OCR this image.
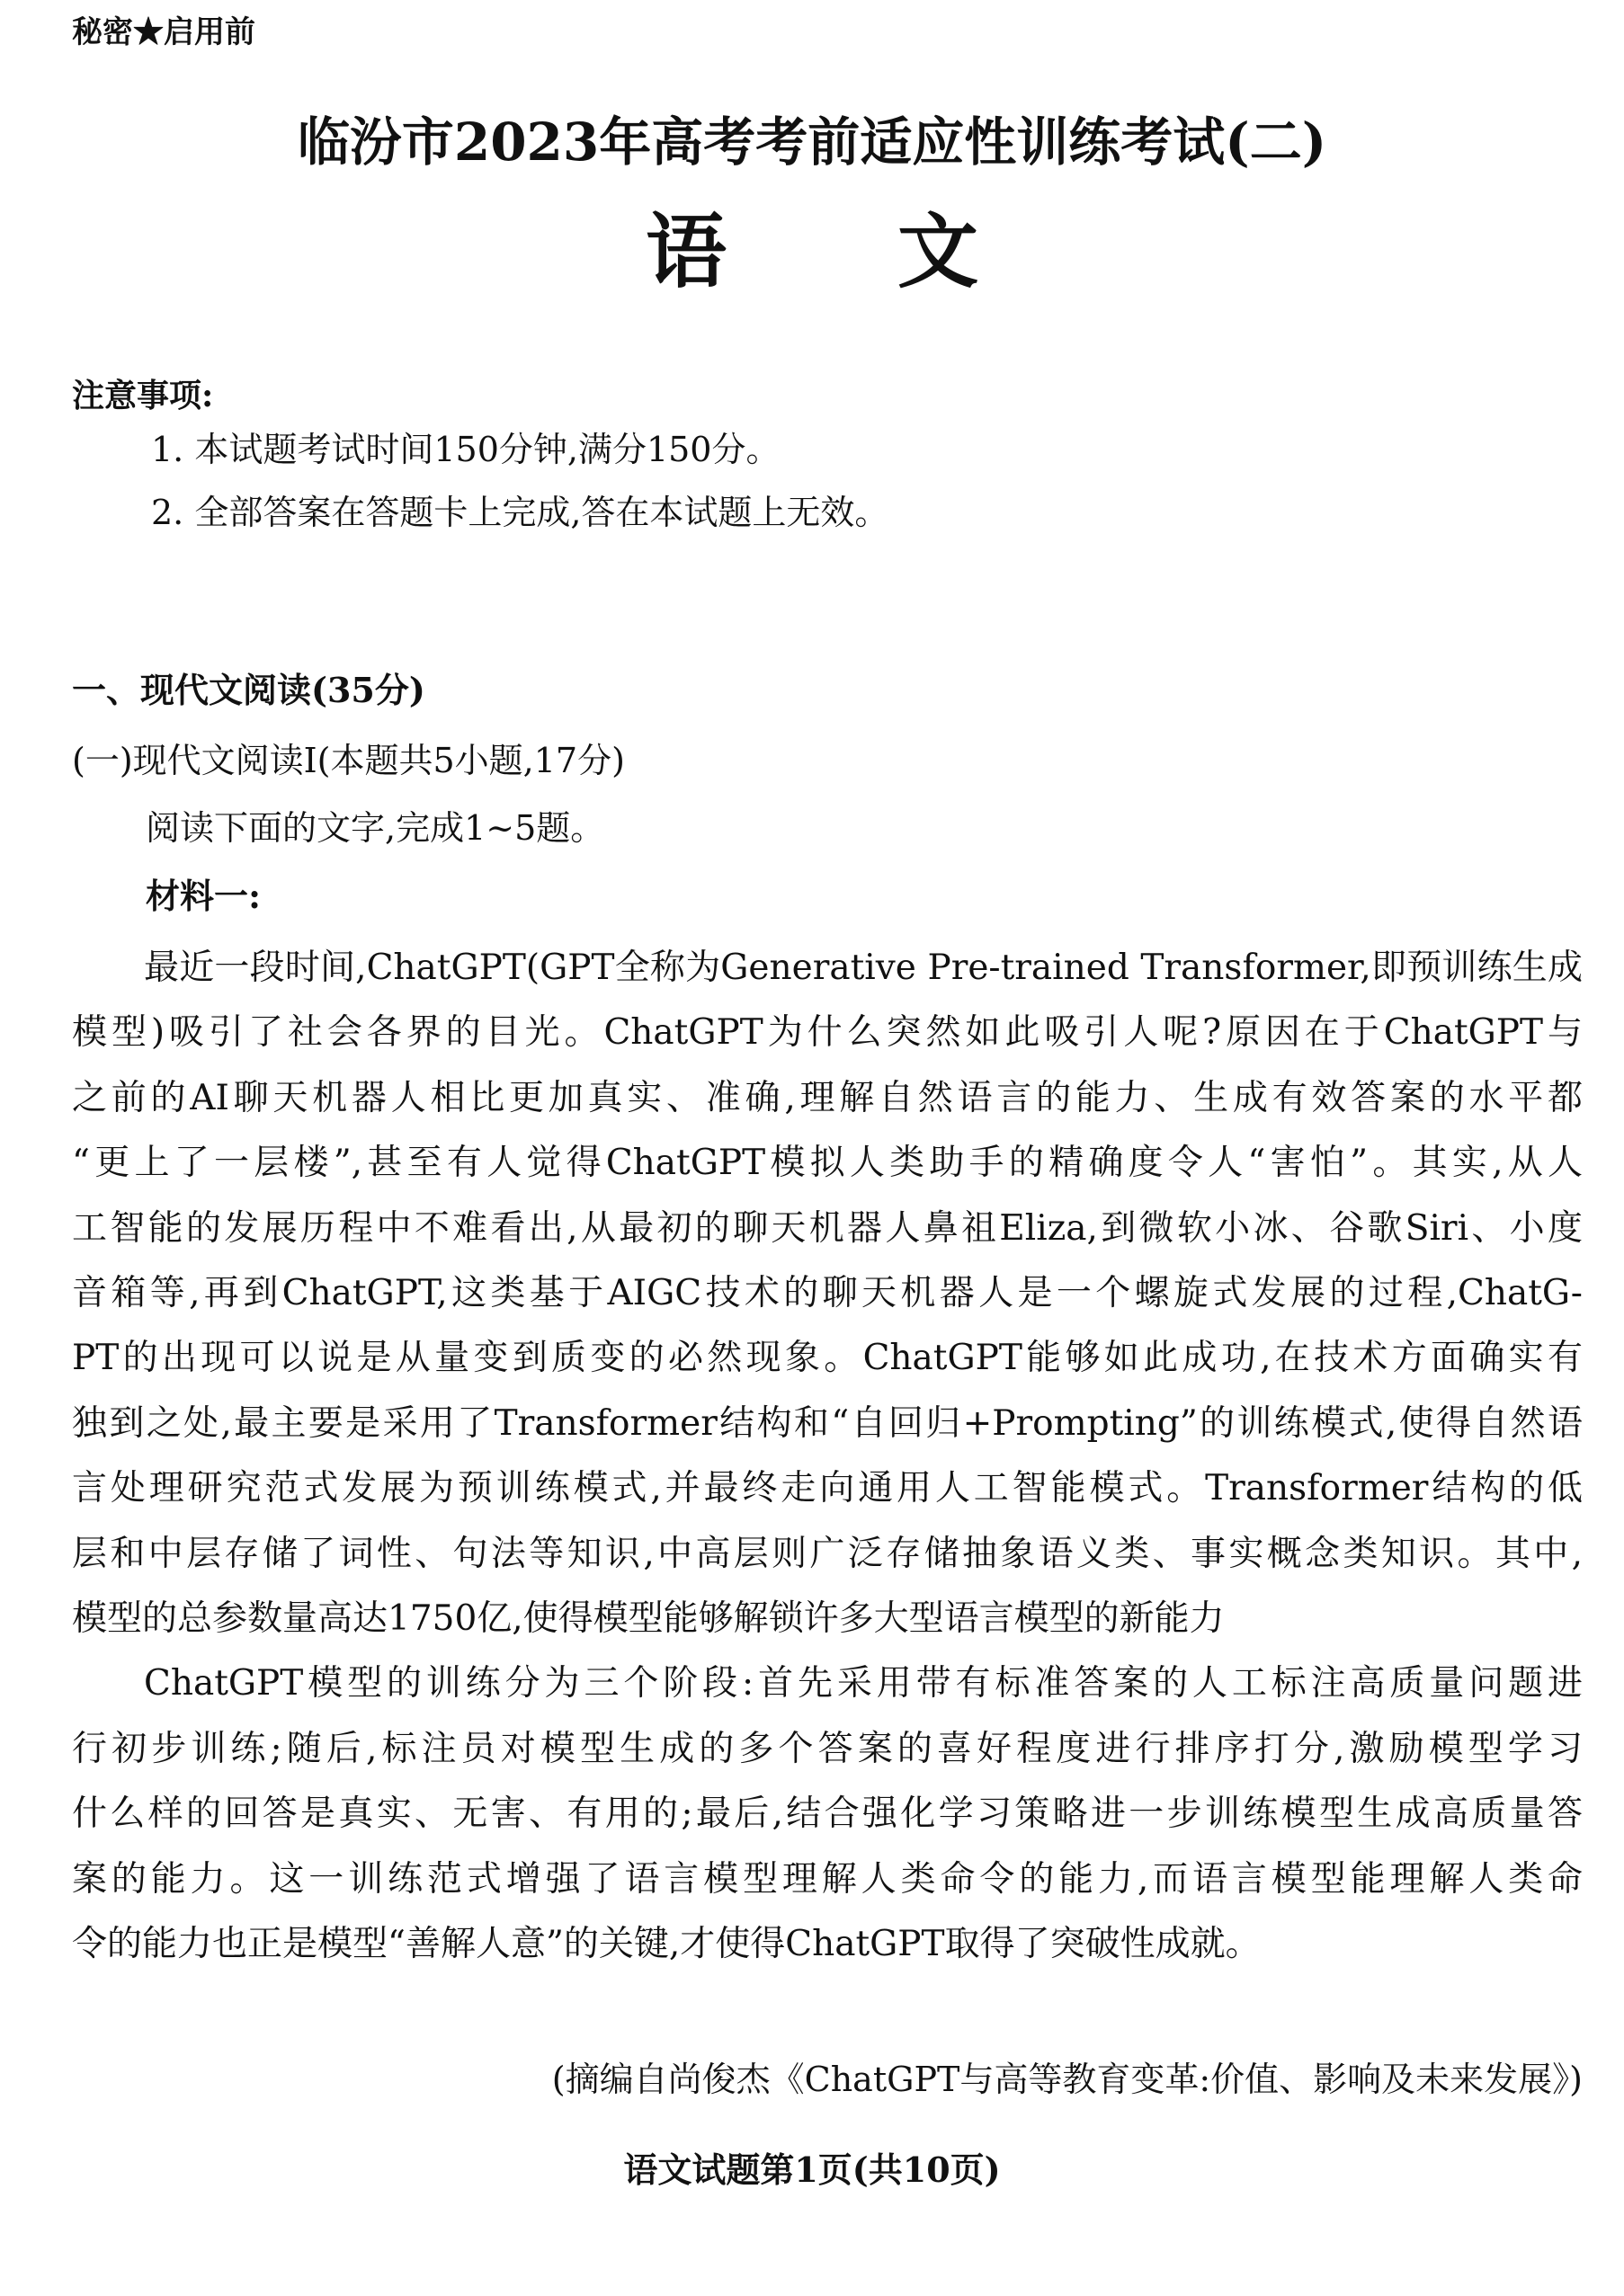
秘密★启用前
临汾市2023年高考考前适应性训练考试(二)
语文
注意事项:
1. 本试题考试时间150分钟,满分150分。
2. 全部答案在答题卡上完成,答在本试题上无效。
一、现代文阅读(35分)
(一)现代文阅读Ⅰ(本题共5小题,17分)
阅读下面的文字,完成1~5题。
材料一:
最近一段时间,ChatGPT(GPT全称为Generative Pre-trained Transformer,即预训练生成
模型)吸引了社会各界的目光。ChatGPT为什么突然如此吸引人呢?原因在于ChatGPT与
之前的AI聊天机器人相比更加真实、准确,理解自然语言的能力、生成有效答案的水平都
“更上了一层楼”,甚至有人觉得ChatGPT模拟人类助手的精确度令人“害怕”。其实,从人
工智能的发展历程中不难看出,从最初的聊天机器人鼻祖Eliza,到微软小冰、谷歌Siri、小度
音箱等,再到ChatGPT,这类基于AIGC技术的聊天机器人是一个螺旋式发展的过程,ChatG-
PT的出现可以说是从量变到质变的必然现象。ChatGPT能够如此成功,在技术方面确实有
独到之处,最主要是采用了Transformer结构和“自回归+Prompting”的训练模式,使得自然语
言处理研究范式发展为预训练模式,并最终走向通用人工智能模式。Transformer结构的低
层和中层存储了词性、句法等知识,中高层则广泛存储抽象语义类、事实概念类知识。其中,
模型的总参数量高达1750亿,使得模型能够解锁许多大型语言模型的新能力
ChatGPT模型的训练分为三个阶段:首先采用带有标准答案的人工标注高质量问题进
行初步训练;随后,标注员对模型生成的多个答案的喜好程度进行排序打分,激励模型学习
什么样的回答是真实、无害、有用的;最后,结合强化学习策略进一步训练模型生成高质量答
案的能力。这一训练范式增强了语言模型理解人类命令的能力,而语言模型能理解人类命
令的能力也正是模型“善解人意”的关键,才使得ChatGPT取得了突破性成就。
(摘编自尚俊杰《ChatGPT与高等教育变革:价值、影响及未来发展》)
语文试题第1页(共10页)
